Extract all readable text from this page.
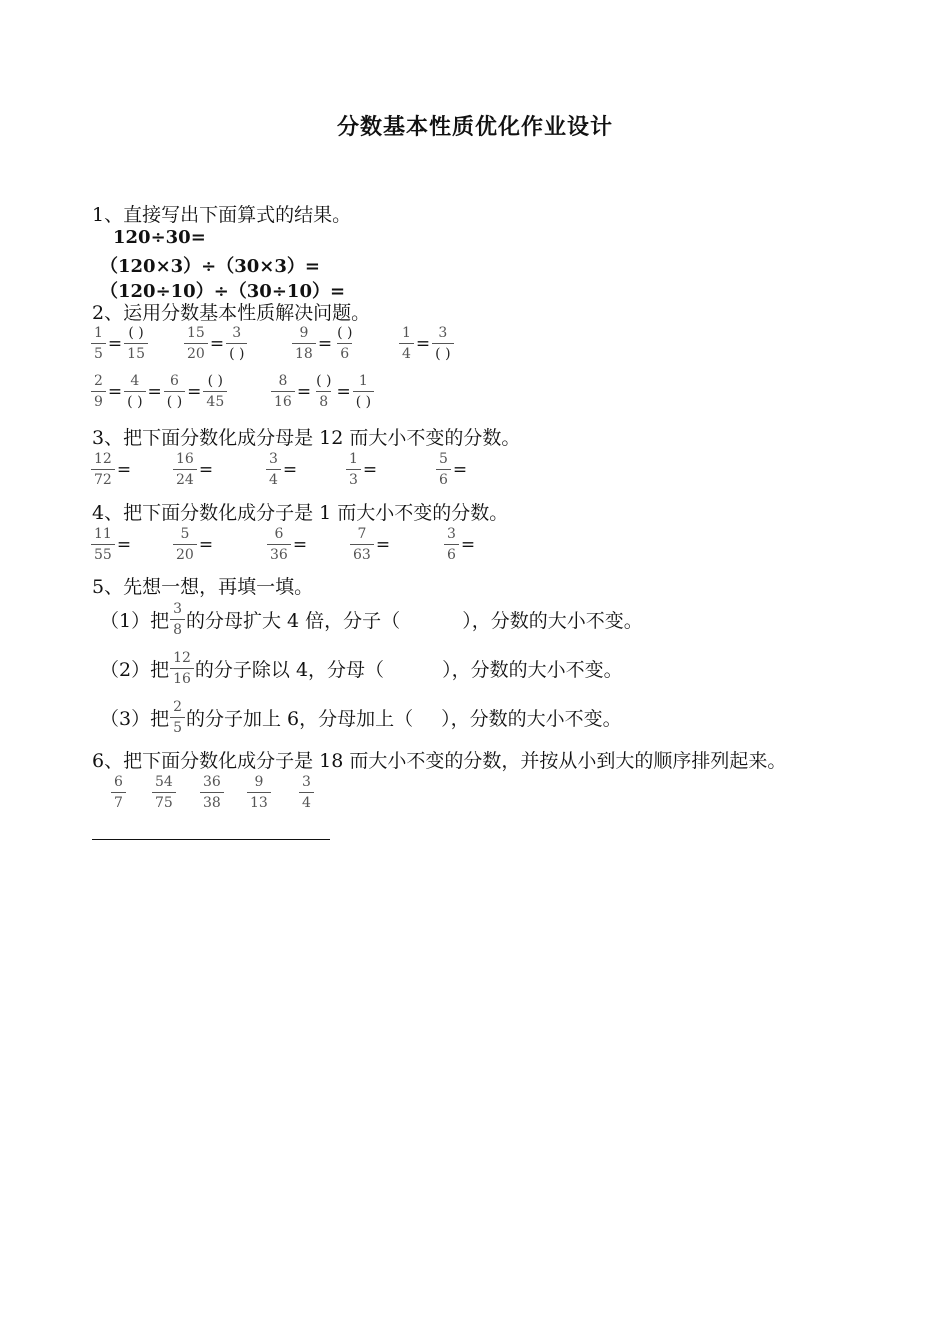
分数基本性质优化作业设计
1、直接写出下面算式的结果。
120÷30=
（120×3）÷（30×3）=
（120÷10）÷（30÷10）=
2、运用分数基本性质解决问题。
$\frac{1}{5} = \frac{( )}{15}$	$\frac{15}{20} = \frac{3}{( )}$	$\frac{9}{18} = \frac{( )}{6}$	$\frac{1}{4} = \frac{3}{( )}$
$\frac{2}{9} = \frac{4}{( )} = \frac{6}{( )} = \frac{( )}{45}$	$\frac{8}{16} = \frac{( )}{8} = \frac{1}{( )}$
3、把下面分数化成分母是 12 而大小不变的分数。
$\frac{12}{72}$ =	$\frac{16}{24}$ =	$\frac{3}{4}$ =	$\frac{1}{3}$ =	$\frac{5}{6}$ =
4、把下面分数化成分子是 1 而大小不变的分数。
$\frac{11}{55}$ =	$\frac{5}{20}$ =	$\frac{6}{36}$ =	$\frac{7}{63}$ =	$\frac{3}{6}$ =
5、先想一想，再填一填。
（1）把 $\frac{3}{8}$ 的分母扩大 4 倍，分子（	），分数的大小不变。
（2）把 $\frac{12}{16}$ 的分子除以 4，分母（	），分数的大小不变。
（3）把 $\frac{2}{5}$ 的分子加上 6，分母加上（ ），分数的大小不变。
6、把下面分数化成分子是 18 而大小不变的分数，并按从小到大的顺序排列起来。
$\frac{6}{7} \frac{54}{75} \frac{36}{38} \frac{9}{13} \frac{3}{4}$
